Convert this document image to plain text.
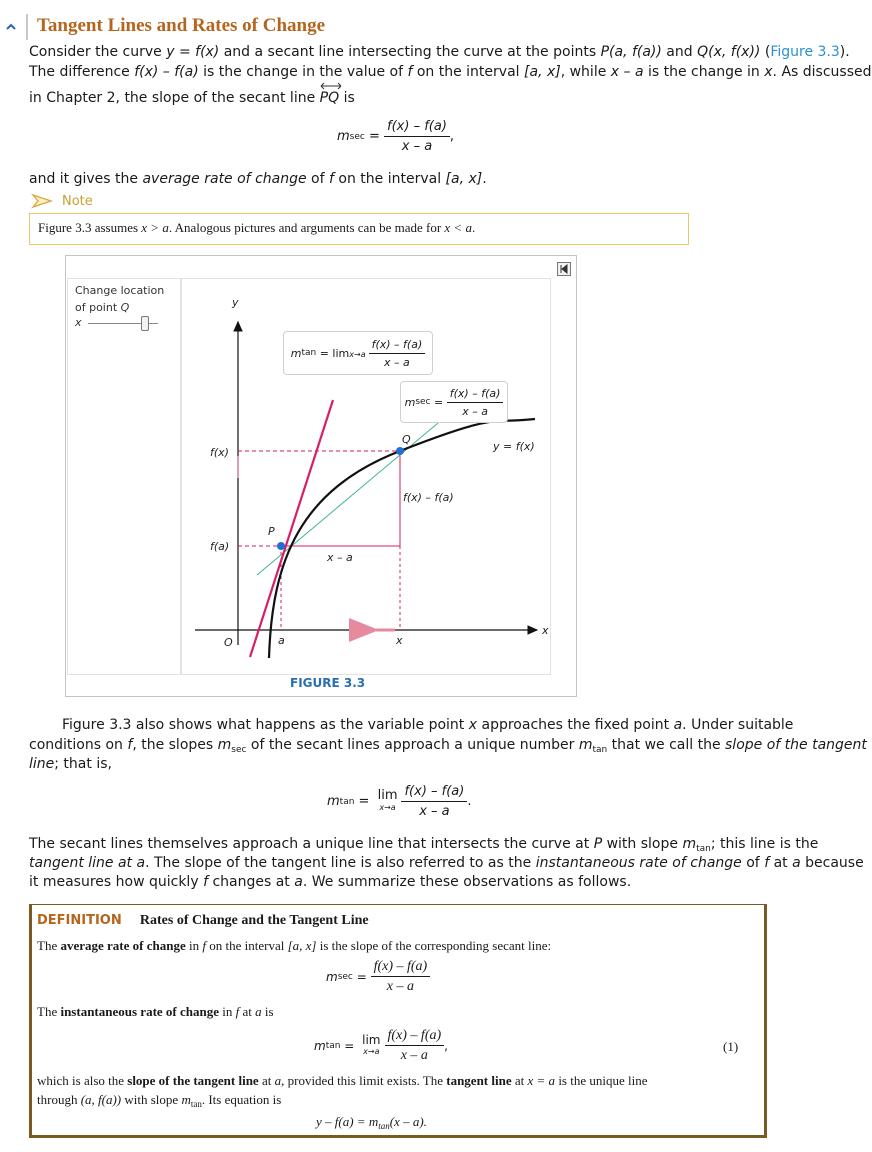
Tangent Lines and Rates of Change
Consider the curve y = f(x) and a secant line intersecting the curve at the points P(a, f(a)) and Q(x, f(x)) (Figure 3.3).
The difference f(x) – f(a) is the change in the value of f on the interval [a, x], while x – a is the change in x. As discussed
in Chapter 2, the slope of the secant line
PQ is
m $\sec = \frac{f(x) - f(a)}{x - a}$ ,
and it gives the average rate of change of f on the interval [a, x].
Note
Figure 3.3 assumes x > a. Analogous pictures and arguments can be made for x < a.
Change location
of point Q
x
y
x
O
f(x)
f(a)
P
Q
y = f(x)
f(x) – f(a)
x – a
a	x
m $\tan = \lim x\to a \frac{f(x) - f(a)}{x - a}$
m $\sec = \frac{f(x) - f(a)}{x - a}$
FIGURE 3.3
Figure 3.3 also shows what happens as the variable point x approaches the fixed point a. Under suitable
conditions on f, the slopes $m_{sec}$ of the secant lines approach a unique number $m_{tan}$ that we call the slope of the tangent
line; that is,
m tan = lim
$x\to a \frac{f(x) - f(a)}{x - a}$ .
The secant lines themselves approach a unique line that intersects the curve at P with slope $m_{tan}$; this line is the
tangent line at a. The slope of the tangent line is also referred to as the instantaneous rate of change of f at a because
it measures how quickly f changes at a. We summarize these observations as follows.
DEFINITION Rates of Change and the Tangent Line
The average rate of change in f on the interval [a, x] is the slope of the corresponding secant line:
m $\sec = \frac{f(x) - f(a)}{x - a}$
The instantaneous rate of change in f at a is
m tan = lim
$x\to a \frac{f(x) - f(a)}{x - a}$ ,	(1)
which is also the slope of the tangent line at a, provided this limit exists. The tangent line at x = a is the unique line
through (a, f(a)) with slope $m_{tan}$. Its equation is
$y - f(a) = m_{tan}(x - a)$.
